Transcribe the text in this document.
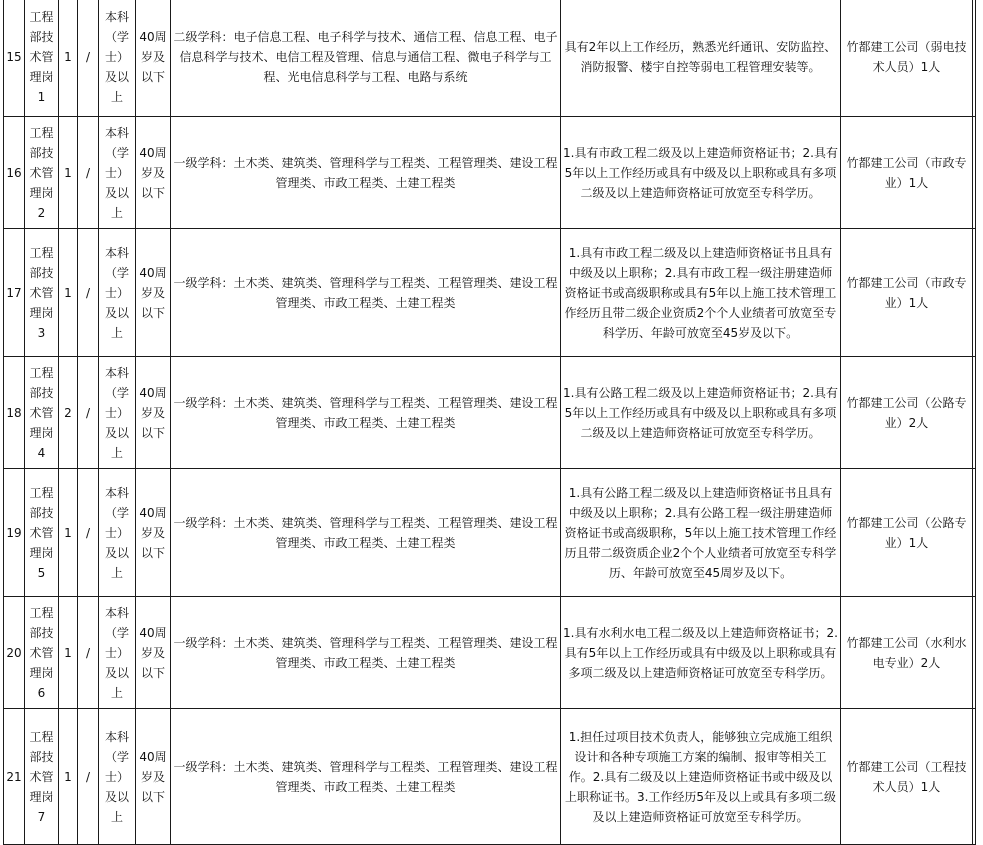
15	工程部技术管理岗1	1	/	本科（学士）及以上	40周岁及以下	二级学科：电子信息工程、电子科学与技术、通信工程、信息工程、电子信息科学与技术、电信工程及管理、信息与通信工程、微电子科学与工程、光电信息科学与工程、电路与系统	具有2年以上工作经历，熟悉光纤通讯、安防监控、消防报警、楼宇自控等弱电工程管理安装等。	竹都建工公司（弱电技术人员）1人	
16	工程部技术管理岗2	1	/	本科（学士）及以上	40周岁及以下	一级学科：土木类、建筑类、管理科学与工程类、工程管理类、建设工程管理类、市政工程类、土建工程类	1.具有市政工程二级及以上建造师资格证书；2.具有5年以上工作经历或具有中级及以上职称或具有多项二级及以上建造师资格证可放宽至专科学历。	竹都建工公司（市政专业）1人	
17	工程部技术管理岗3	1	/	本科（学士）及以上	40周岁及以下	一级学科：土木类、建筑类、管理科学与工程类、工程管理类、建设工程管理类、市政工程类、土建工程类	1.具有市政工程二级及以上建造师资格证书且具有中级及以上职称；2.具有市政工程一级注册建造师资格证书或高级职称或具有5年以上施工技术管理工作经历且带二级企业资质2个个人业绩者可放宽至专科学历、年龄可放宽至45岁及以下。	竹都建工公司（市政专业）1人	
18	工程部技术管理岗4	2	/	本科（学士）及以上	40周岁及以下	一级学科：土木类、建筑类、管理科学与工程类、工程管理类、建设工程管理类、市政工程类、土建工程类	1.具有公路工程二级及以上建造师资格证书；2.具有5年以上工作经历或具有中级及以上职称或具有多项二级及以上建造师资格证可放宽至专科学历。	竹都建工公司（公路专业）2人	
19	工程部技术管理岗5	1	/	本科（学士）及以上	40周岁及以下	一级学科：土木类、建筑类、管理科学与工程类、工程管理类、建设工程管理类、市政工程类、土建工程类	1.具有公路工程二级及以上建造师资格证书且具有中级及以上职称；2.具有公路工程一级注册建造师资格证书或高级职称，5年以上施工技术管理工作经历且带二级资质企业2个个人业绩者可放宽至专科学历、年龄可放宽至45周岁及以下。	竹都建工公司（公路专业）1人	
20	工程部技术管理岗6	1	/	本科（学士）及以上	40周岁及以下	一级学科：土木类、建筑类、管理科学与工程类、工程管理类、建设工程管理类、市政工程类、土建工程类	1.具有水利水电工程二级及以上建造师资格证书；2.具有5年以上工作经历或具有中级及以上职称或具有多项二级及以上建造师资格证可放宽至专科学历。	竹都建工公司（水利水电专业）2人	
21	工程部技术管理岗7	1	/	本科（学士）及以上	40周岁及以下	一级学科：土木类、建筑类、管理科学与工程类、工程管理类、建设工程管理类、市政工程类、土建工程类	1.担任过项目技术负责人，能够独立完成施工组织设计和各种专项施工方案的编制、报审等相关工作。2.具有二级及以上建造师资格证书或中级及以上职称证书。3.工作经历5年及以上或具有多项二级及以上建造师资格证可放宽至专科学历。	竹都建工公司（工程技术人员）1人	
